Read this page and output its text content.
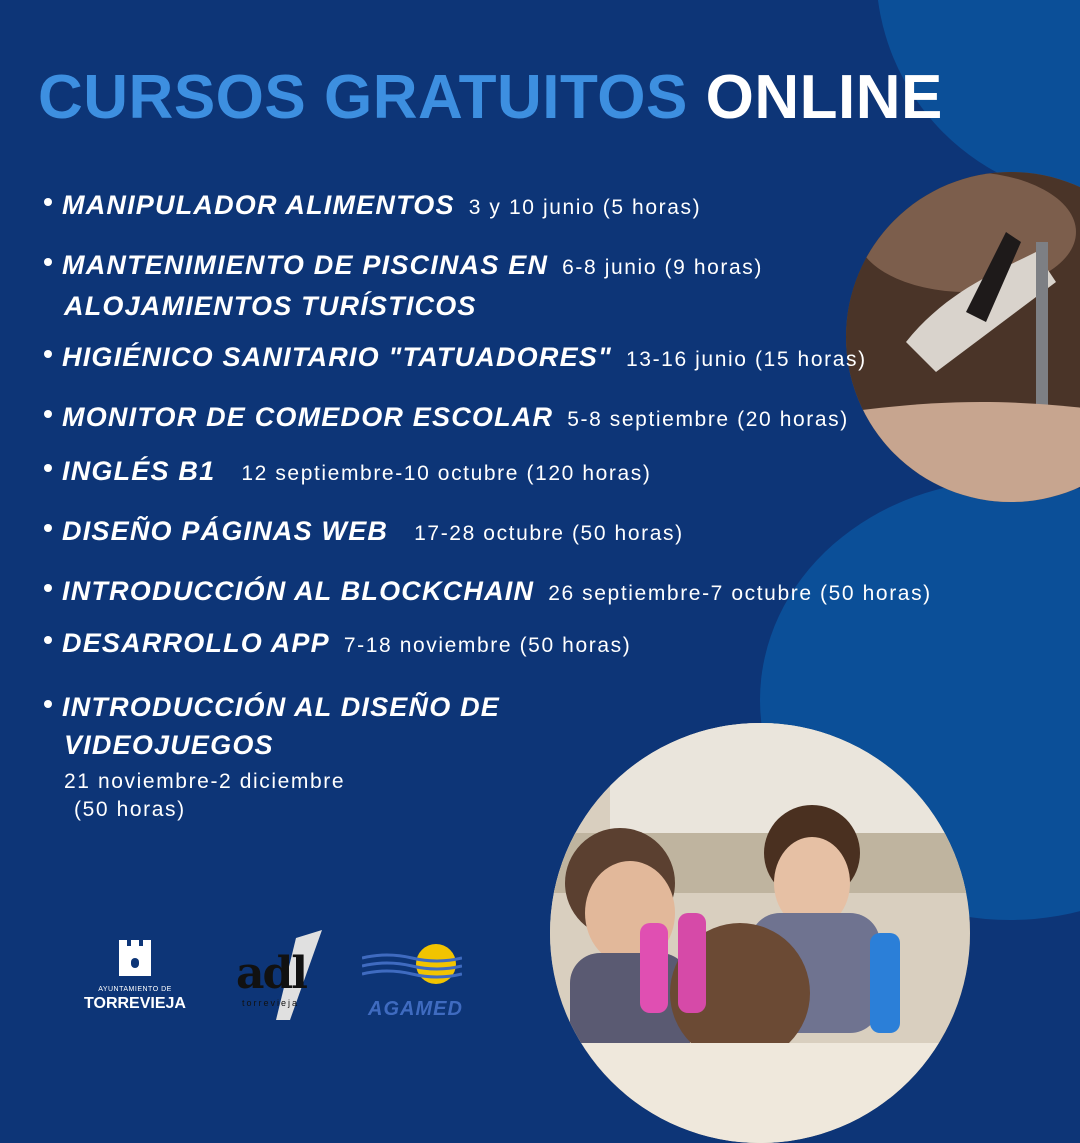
CURSOS GRATUITOS ONLINE
MANIPULADOR ALIMENTOS 3 y 10 junio (5 horas)
MANTENIMIENTO DE PISCINAS EN 6-8 junio (9 horas)
ALOJAMIENTOS TURÍSTICOS
HIGIÉNICO SANITARIO "TATUADORES" 13-16 junio (15 horas)
MONITOR DE COMEDOR ESCOLAR 5-8 septiembre (20 horas)
INGLÉS B1 12 septiembre-10 octubre (120 horas)
DISEÑO PÁGINAS WEB 17-28 octubre (50 horas)
INTRODUCCIÓN AL BLOCKCHAIN 26 septiembre-7 octubre (50 horas)
DESARROLLO APP 7-18 noviembre (50 horas)
INTRODUCCIÓN AL DISEÑO DE
VIDEOJUEGOS
21 noviembre-2 diciembre
(50 horas)
AYUNTAMIENTO DE
TORREVIEJA
adl
torrevieja	AGAMED
